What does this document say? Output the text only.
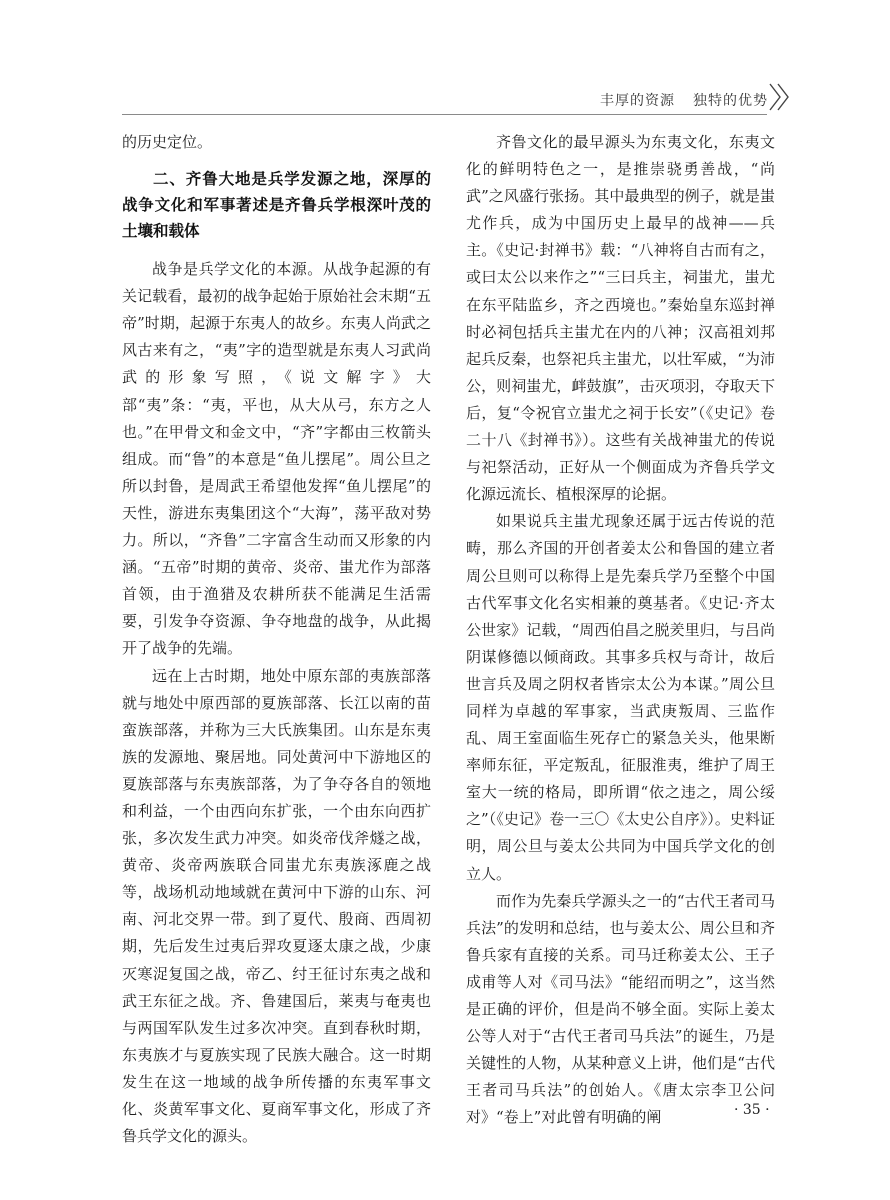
丰厚的资源 独特的优势

的历史定位。

二、齐鲁大地是兵学发源之地，深厚的战争文化和军事著述是齐鲁兵学根深叶茂的土壤和载体

战争是兵学文化的本源。从战争起源的有关记载看，最初的战争起始于原始社会末期“五帝”时期，起源于东夷人的故乡。东夷人尚武之风古来有之，“夷”字的造型就是东夷人习武尚武的形象写照，《说文解字》大部“夷”条：“夷，平也，从大从弓，东方之人也。”在甲骨文和金文中，“齐”字都由三枚箭头组成。而“鲁”的本意是“鱼儿摆尾”。周公旦之所以封鲁，是周武王希望他发挥“鱼儿摆尾”的天性，游进东夷集团这个“大海”，荡平敌对势力。所以，“齐鲁”二字富含生动而又形象的内涵。“五帝”时期的黄帝、炎帝、蚩尤作为部落首领，由于渔猎及农耕所获不能满足生活需要，引发争夺资源、争夺地盘的战争，从此揭开了战争的先端。

远在上古时期，地处中原东部的夷族部落就与地处中原西部的夏族部落、长江以南的苗蛮族部落，并称为三大氏族集团。山东是东夷族的发源地、聚居地。同处黄河中下游地区的夏族部落与东夷族部落，为了争夺各自的领地和利益，一个由西向东扩张，一个由东向西扩张，多次发生武力冲突。如炎帝伐斧燧之战，黄帝、炎帝两族联合同蚩尤东夷族涿鹿之战等，战场机动地域就在黄河中下游的山东、河南、河北交界一带。到了夏代、殷商、西周初期，先后发生过夷后羿攻夏逐太康之战，少康灭寒浞复国之战，帝乙、纣王征讨东夷之战和武王东征之战。齐、鲁建国后，莱夷与奄夷也与两国军队发生过多次冲突。直到春秋时期，东夷族才与夏族实现了民族大融合。这一时期发生在这一地域的战争所传播的东夷军事文化、炎黄军事文化、夏商军事文化，形成了齐鲁兵学文化的源头。

齐鲁文化的最早源头为东夷文化，东夷文化的鲜明特色之一，是推崇骁勇善战，“尚武”之风盛行张扬。其中最典型的例子，就是蚩尤作兵，成为中国历史上最早的战神——兵主。《史记·封禅书》载：“八神将自古而有之，或曰太公以来作之”“三曰兵主，祠蚩尤，蚩尤在东平陆监乡，齐之西境也。”秦始皇东巡封禅时必祠包括兵主蚩尤在内的八神；汉高祖刘邦起兵反秦，也祭祀兵主蚩尤，以壮军威，“为沛公，则祠蚩尤，衅鼓旗”，击灭项羽，夺取天下后，复“令祝官立蚩尤之祠于长安”（《史记》卷二十八《封禅书》）。这些有关战神蚩尤的传说与祀祭活动，正好从一个侧面成为齐鲁兵学文化源远流长、植根深厚的论据。

如果说兵主蚩尤现象还属于远古传说的范畴，那么齐国的开创者姜太公和鲁国的建立者周公旦则可以称得上是先秦兵学乃至整个中国古代军事文化名实相兼的奠基者。《史记·齐太公世家》记载，“周西伯昌之脱羑里归，与吕尚阴谋修德以倾商政。其事多兵权与奇计，故后世言兵及周之阴权者皆宗太公为本谋。”周公旦同样为卓越的军事家，当武庚叛周、三监作乱、周王室面临生死存亡的紧急关头，他果断率师东征，平定叛乱，征服淮夷，维护了周王室大一统的格局，即所谓“依之违之，周公绥之”（《史记》卷一三〇《太史公自序》）。史料证明，周公旦与姜太公共同为中国兵学文化的创立人。

而作为先秦兵学源头之一的“古代王者司马兵法”的发明和总结，也与姜太公、周公旦和齐鲁兵家有直接的关系。司马迁称姜太公、王子成甫等人对《司马法》“能绍而明之”，这当然是正确的评价，但是尚不够全面。实际上姜太公等人对于“古代王者司马兵法”的诞生，乃是关键性的人物，从某种意义上讲，他们是“古代王者司马兵法”的创始人。《唐太宗李卫公问对》“卷上”对此曾有明确的阐	· 35 ·
